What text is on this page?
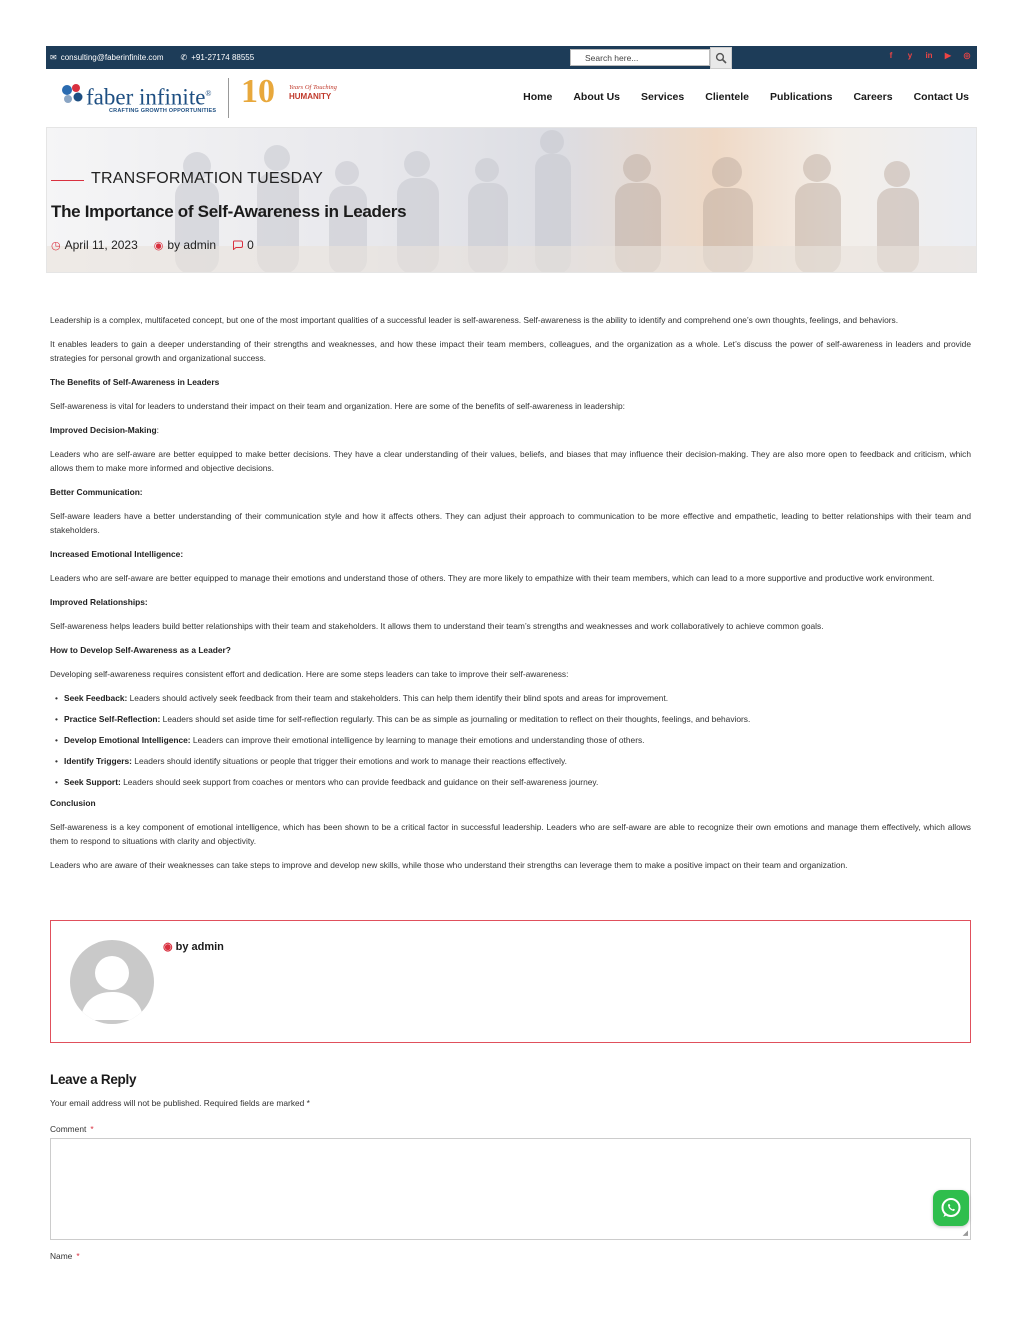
✉ consulting@faberinfinite.com ✆ +91-27174 88555	Search here...	f	y in ▶ ◎
faber infinite®
CRAFTING GROWTH OPPORTUNITIES
10 Years Of Touching
HUMANITY	Home About Us Services Clientele Publications Careers Contact Us
TRANSFORMATION TUESDAY
The Importance of Self-Awareness in Leaders
◷ April 11, 2023 ◉ by admin	0

Leadership is a complex, multifaceted concept, but one of the most important qualities of a successful leader is self-awareness. Self-awareness is the ability to identify and comprehend one’s own thoughts, feelings, and behaviors.

It enables leaders to gain a deeper understanding of their strengths and weaknesses, and how these impact their team members, colleagues, and the organization as a whole. Let’s discuss the power of self-awareness in leaders and provide strategies for personal growth and organizational success.

The Benefits of Self-Awareness in Leaders

Self-awareness is vital for leaders to understand their impact on their team and organization. Here are some of the benefits of self-awareness in leadership:

Improved Decision-Making:

Leaders who are self-aware are better equipped to make better decisions. They have a clear understanding of their values, beliefs, and biases that may influence their decision-making. They are also more open to feedback and criticism, which allows them to make more informed and objective decisions.

Better Communication:

Self-aware leaders have a better understanding of their communication style and how it affects others. They can adjust their approach to communication to be more effective and empathetic, leading to better relationships with their team and stakeholders.

Increased Emotional Intelligence:

Leaders who are self-aware are better equipped to manage their emotions and understand those of others. They are more likely to empathize with their team members, which can lead to a more supportive and productive work environment.

Improved Relationships:

Self-awareness helps leaders build better relationships with their team and stakeholders. It allows them to understand their team’s strengths and weaknesses and work collaboratively to achieve common goals.

How to Develop Self-Awareness as a Leader?

Developing self-awareness requires consistent effort and dedication. Here are some steps leaders can take to improve their self-awareness:

• Seek Feedback: Leaders should actively seek feedback from their team and stakeholders. This can help them identify their blind spots and areas for improvement.
• Practice Self-Reflection: Leaders should set aside time for self-reflection regularly. This can be as simple as journaling or meditation to reflect on their thoughts, feelings, and behaviors.
• Develop Emotional Intelligence: Leaders can improve their emotional intelligence by learning to manage their emotions and understanding those of others.
• Identify Triggers: Leaders should identify situations or people that trigger their emotions and work to manage their reactions effectively.
• Seek Support: Leaders should seek support from coaches or mentors who can provide feedback and guidance on their self-awareness journey.
Conclusion

Self-awareness is a key component of emotional intelligence, which has been shown to be a critical factor in successful leadership. Leaders who are self-aware are able to recognize their own emotions and manage them effectively, which allows them to respond to situations with clarity and objectivity.

Leaders who are aware of their weaknesses can take steps to improve and develop new skills, while those who understand their strengths can leverage them to make a positive impact on their team and organization.

◉ by admin
Leave a Reply
Your email address will not be published. Required fields are marked *
Comment *
◢
Name *
